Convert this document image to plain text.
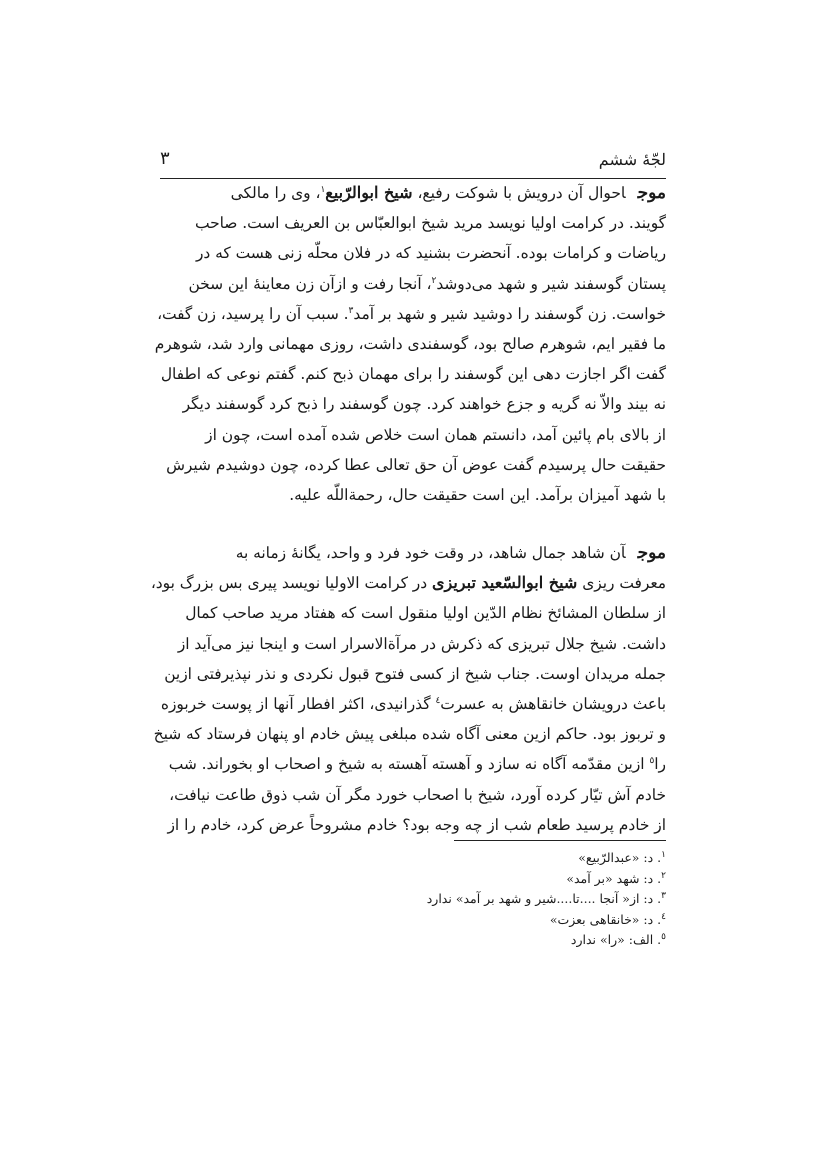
لجّهٔ ششم
٣
موجاحوال آن درویش با شوکت رفیع، شیخ ابوالرّبیع$^١$، وی را مالکی
گویند. در کرامت اولیا نویسد مرید شیخ ابوالعبّاس بن العریف است. صاحب
ریاضات و کرامات بوده. آنحضرت بشنید که در فلان محلّه زنی هست که در
پستان گوسفند شیر و شهد می‌دوشد$^٢$، آنجا رفت و ازآن زن معاینهٔ این سخن
خواست. زن گوسفند را دوشید شیر و شهد بر آمد$^٣$. سبب آن را پرسید، زن گفت،
ما فقیر ایم، شوهرم صالح بود، گوسفندی داشت، روزی مهمانی وارد شد، شوهرم
گفت اگر اجازت دهی این گوسفند را برای مهمان ذبح کنم. گفتم نوعی که اطفال
نه بیند والاّ نه گریه و جزع خواهند کرد. چون گوسفند را ذبح کرد گوسفند دیگر
از بالای بام پائین آمد، دانستم همان است خلاص شده آمده است، چون از
حقیقت حال پرسیدم گفت عوض آن حق تعالی عطا کرده، چون دوشیدم شیرش
با شهد آمیزان برآمد. این است حقیقت حال، رحمةاللّه علیه.
موجآن شاهد جمال شاهد، در وقت خود فرد و واحد، یگانهٔ زمانه به
معرفت ریزی شیخ ابوالسّعید تبریزی در کرامت الاولیا نویسد پیری بس بزرگ بود،
از سلطان المشائخ نظام الدّین اولیا منقول است که هفتاد مرید صاحب کمال
داشت. شیخ جلال تبریزی که ذکرش در مرآةالاسرار است و اینجا نیز می‌آید از
جمله مریدان اوست. جناب شیخ از کسی فتوح قبول نکردی و نذر نپذیرفتی ازین
باعث درویشان خانقاهش به عسرت$^٤$ گذرانیدی، اکثر افطار آنها از پوست خربوزه
و تربوز بود. حاکم ازین معنی آگاه شده مبلغی پیش خادم او پنهان فرستاد که شیخ
را$^٥$ ازین مقدّمه آگاه نه سازد و آهسته آهسته به شیخ و اصحاب او بخوراند. شب
خادم آش تیّار کرده آورد، شیخ با اصحاب خورد مگر آن شب ذوق طاعت نیافت،
از خادم پرسید طعام شب از چه وجه بود؟ خادم مشروحاً عرض کرد، خادم را از
$^١$. د: «عبدالرّبیع»
$^٢$. د: شهد «بر آمد»
$^٣$. د: از« آنجا ....تا....شیر و شهد بر آمد» ندارد
$^٤$. د: «خانقاهی بعزت»
$^٥$. الف: «را» ندارد
